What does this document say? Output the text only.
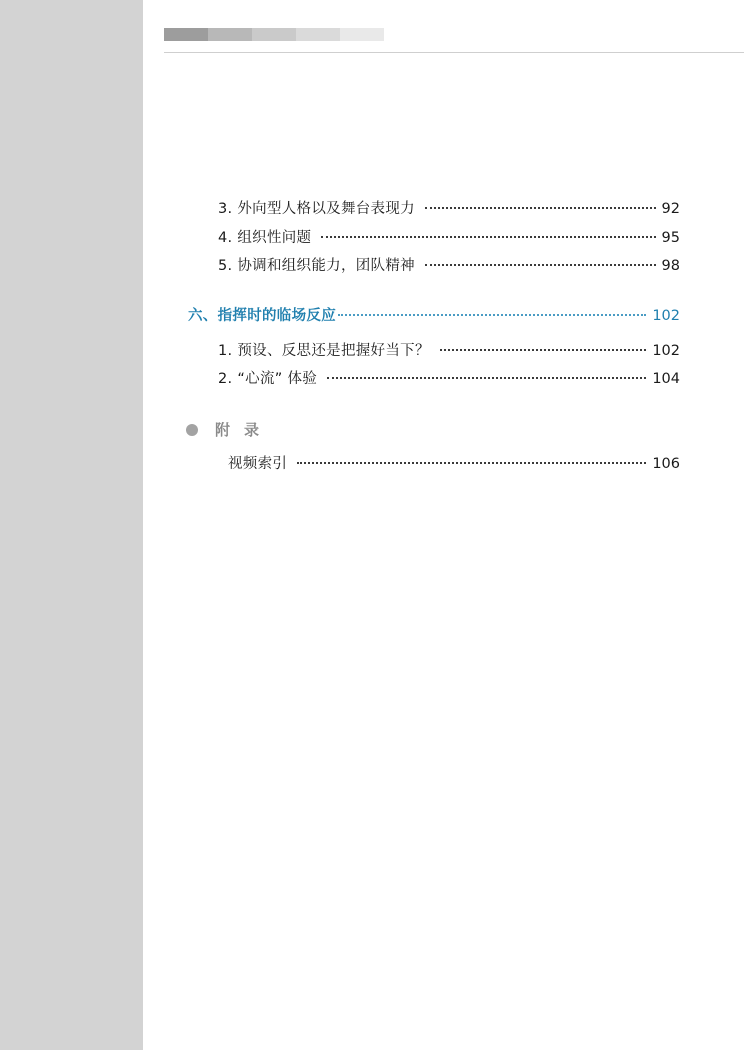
3. 外向型人格以及舞台表现力	92
4. 组织性问题	95
5. 协调和组织能力，团队精神	98
六、指挥时的临场反应	102
1. 预设、反思还是把握好当下？	102
2. “心流” 体验	104
附录
视频索引	106
